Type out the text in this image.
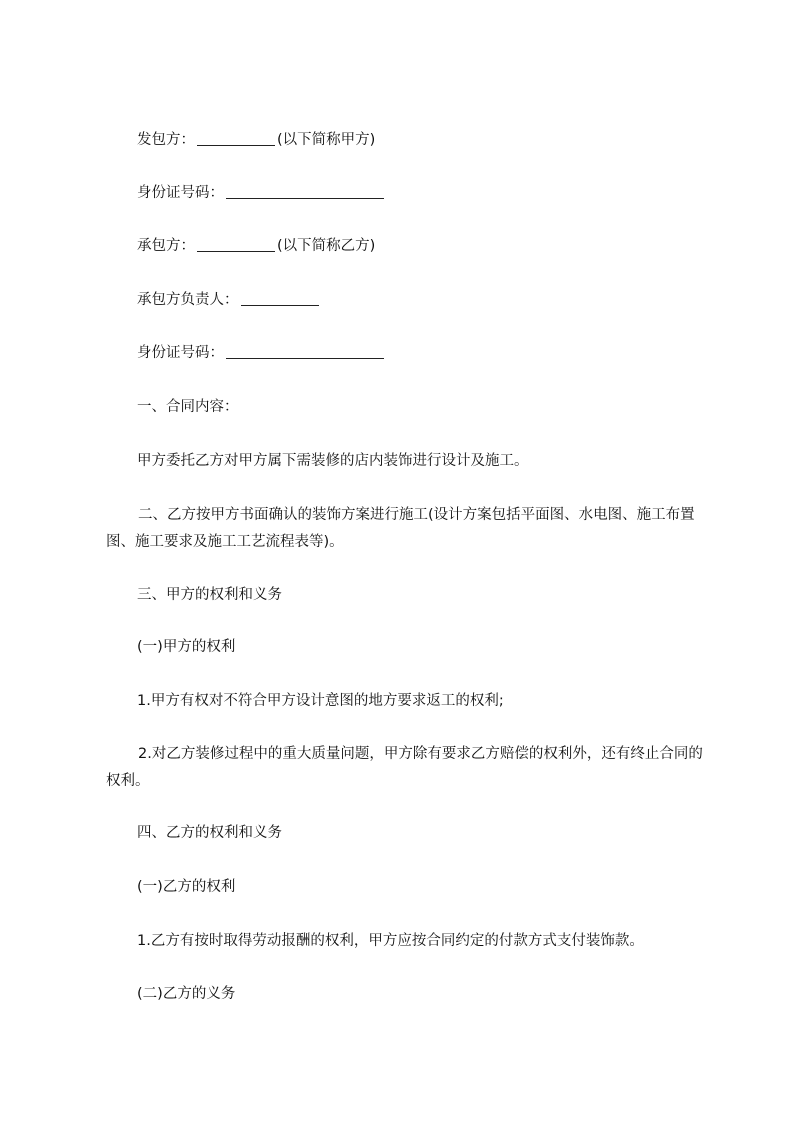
发包方：	(以下简称甲方)
身份证号码：
承包方：	(以下简称乙方)
承包方负责人：
身份证号码：
一、合同内容：
甲方委托乙方对甲方属下需装修的店内装饰进行设计及施工。
二、乙方按甲方书面确认的装饰方案进行施工(设计方案包括平面图、水电图、施工布置图、施工要求及施工工艺流程表等)。
三、甲方的权利和义务
(一)甲方的权利
1.甲方有权对不符合甲方设计意图的地方要求返工的权利;
2.对乙方装修过程中的重大质量问题，甲方除有要求乙方赔偿的权利外，还有终止合同的权利。
四、乙方的权利和义务
(一)乙方的权利
1.乙方有按时取得劳动报酬的权利，甲方应按合同约定的付款方式支付装饰款。
(二)乙方的义务
